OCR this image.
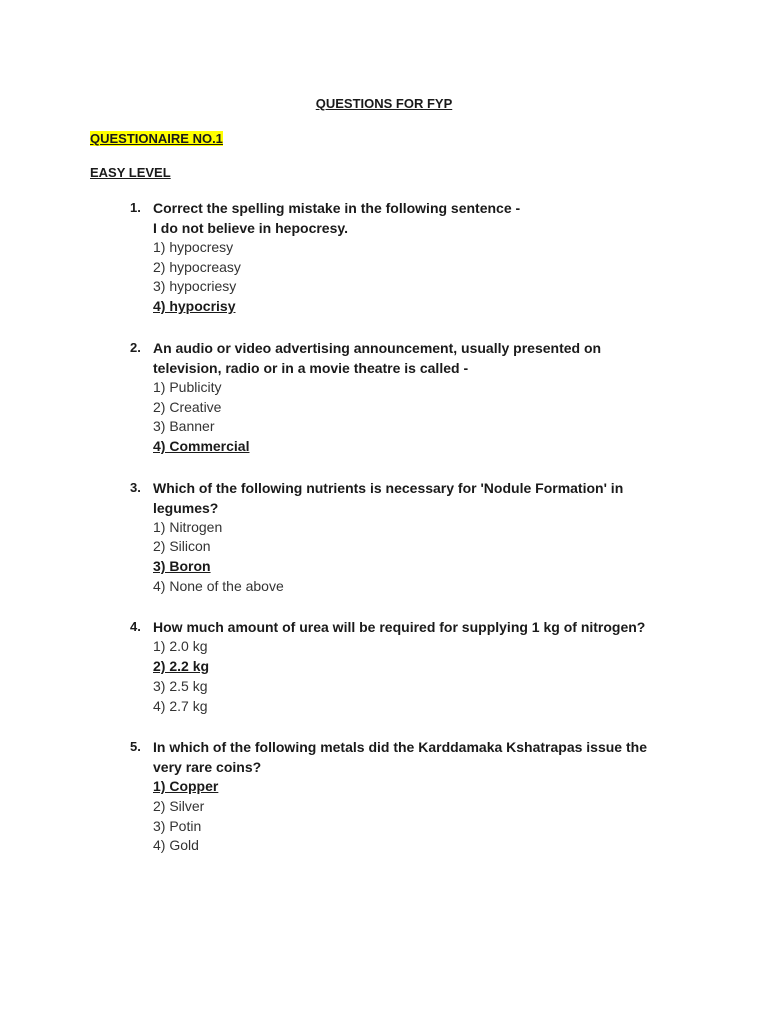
QUESTIONS FOR FYP
QUESTIONAIRE NO.1
EASY LEVEL
1. Correct the spelling mistake in the following sentence -
I do not believe in hepocresy.
1) hypocresy
2) hypocreasy
3) hypocriesy
4) hypocrisy
2. An audio or video advertising announcement, usually presented on
television, radio or in a movie theatre is called -
1) Publicity
2) Creative
3) Banner
4) Commercial
3. Which of the following nutrients is necessary for 'Nodule Formation' in
legumes?
1) Nitrogen
2) Silicon
3) Boron
4) None of the above
4. How much amount of urea will be required for supplying 1 kg of nitrogen?
1) 2.0 kg
2) 2.2 kg
3) 2.5 kg
4) 2.7 kg
5. In which of the following metals did the Karddamaka Kshatrapas issue the
very rare coins?
1) Copper
2) Silver
3) Potin
4) Gold
